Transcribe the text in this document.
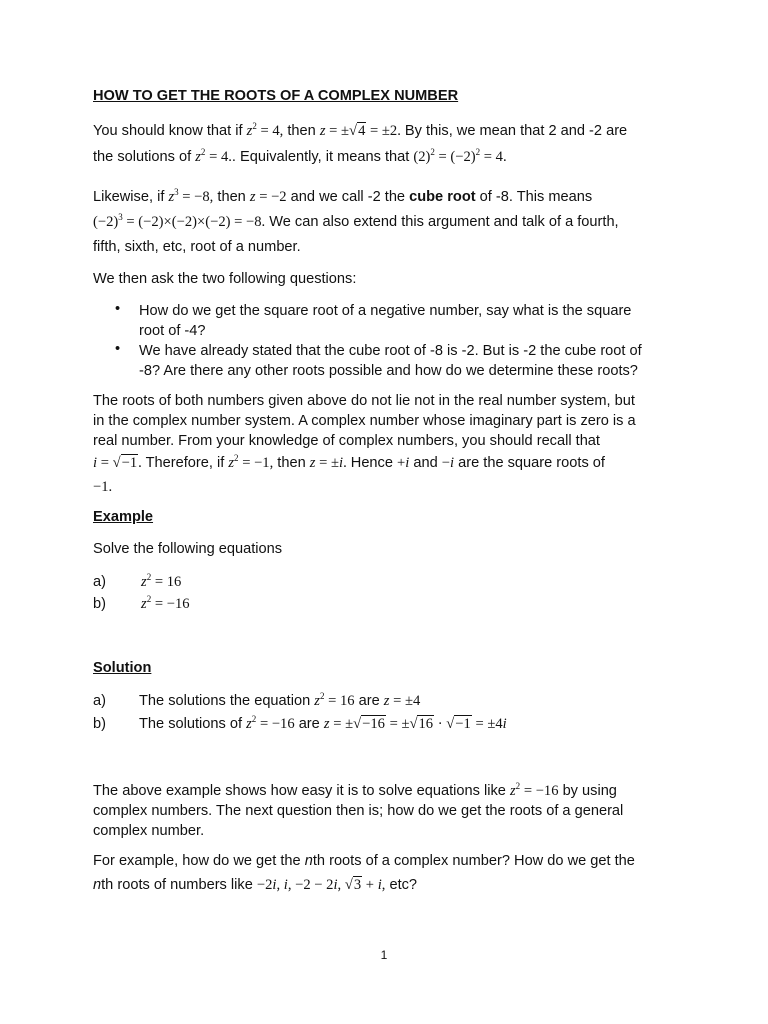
HOW TO GET THE ROOTS OF A COMPLEX NUMBER
You should know that if $z^2 = 4$, then z = ±√4 = ±2. By this, we mean that 2 and -2 are
the solutions of $z^2 = 4$.. Equivalently, it means that $(2)^2 = (-2)^2 = 4$.
Likewise, if $z^3 = -8$, then z = −2 and we call -2 the cube root of -8. This means
$(-2)^3 = (-2)\times(-2)\times(-2) = -8$. We can also extend this argument and talk of a fourth,
fifth, sixth, etc, root of a number.
We then ask the two following questions:
• How do we get the square root of a negative number, say what is the square
root of -4?
• We have already stated that the cube root of -8 is -2. But is -2 the cube root of
-8? Are there any other roots possible and how do we determine these roots?
The roots of both numbers given above do not lie not in the real number system, but
in the complex number system. A complex number whose imaginary part is zero is a
real number. From your knowledge of complex numbers, you should recall that
i = √−1. Therefore, if $z^2 = -1$, then z = ±i. Hence +i and −i are the square roots of
−1.
Example
Solve the following equations
a) $z^2 = 16$
b) $z^2 = -16$
Solution
a) The solutions the equation $z^2 = 16$ are z = ±4
b) The solutions of $z^2 = -16$ are z = ±√−16 = ±√16 · √−1 = ±4i
The above example shows how easy it is to solve equations like $z^2 = -16$ by using
complex numbers. The next question then is; how do we get the roots of a general
complex number.
For example, how do we get the nth roots of a complex number? How do we get the
nth roots of numbers like −2i, i, −2 − 2i, √3 + i, etc?
1
